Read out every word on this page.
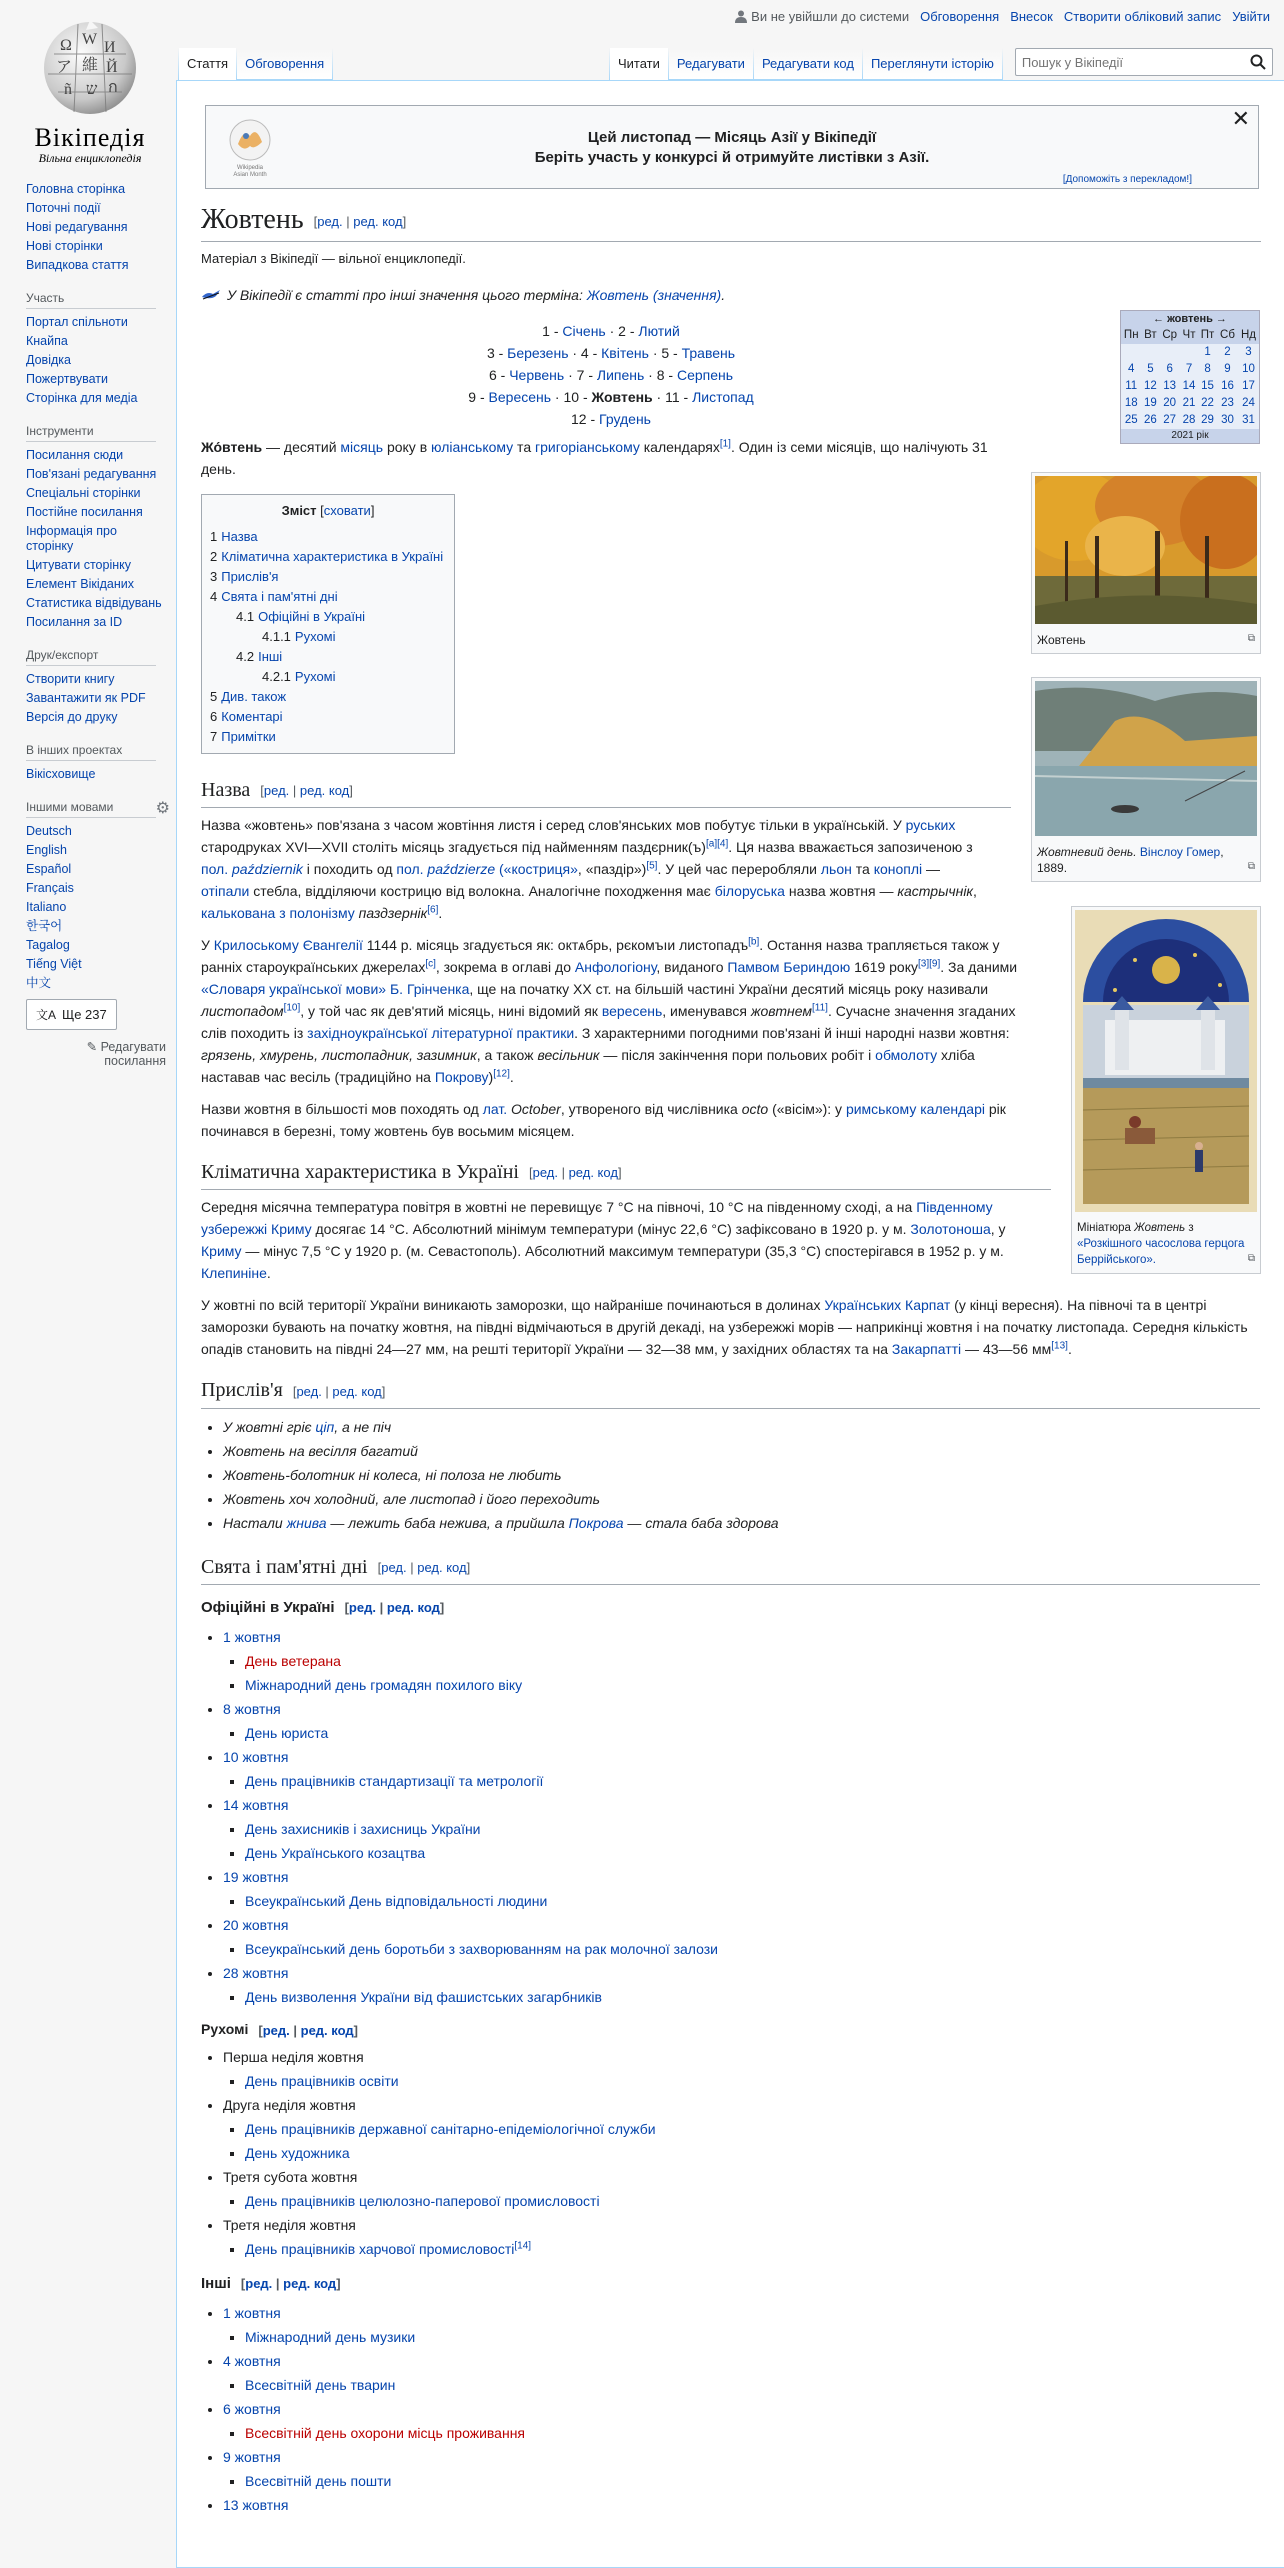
Ви не увійшли до системи Обговорення Внесок Створити обліковий запис Увійти
Ω W И
ア 維 Й
ñ ש ก
Вікіпедія
Вільна енциклопедія
Головна сторінка
Поточні події
Нові редагування
Нові сторінки
Випадкова стаття
Участь
Портал спільноти
Кнайпа
Довідка
Пожертвувати
Сторінка для медіа
Інструменти
Посилання сюди
Пов'язані редагування
Спеціальні сторінки
Постійне посилання
Інформація про сторінку
Цитувати сторінку
Елемент Вікіданих
Статистика відвідувань
Посилання за ID
Друк/експорт
Створити книгу
Завантажити як PDF
Версія до друку
В інших проектах
Вікісховище
Іншими мовами	⚙
Deutsch
English
Español
Français
Italiano
한국어
Tagalog
Tiếng Việt
中文
文A Ще 237
✎ Редагувати посилання
Стаття	Обговорення	Читати	Редагувати	Редагувати код	Переглянути історію
Пошук у Вікіпедії
Wikipedia
Asian Month
Цей листопад — Місяць Азії у Вікіпедії
Беріть участь у конкурсі й отримуйте листівки з Азії.
✕
[Допоможіть з перекладом!]
Жовтень [ред. | ред. код]
Матеріал з Вікіпедії — вільної енциклопедії.
У Вікіпедії є статті про інші значення цього терміна: Жовтень (значення).
1 - Січень · 2 - Лютий
3 - Березень · 4 - Квітень · 5 - Травень
6 - Червень · 7 - Липень · 8 - Серпень
9 - Вересень · 10 - Жовтень · 11 - Листопад
12 - Грудень

Жо́втень — десятий місяць року в юліанському та григоріанському календарях[1]. Один із семи місяців, що налічують 31 день.

Зміст [сховати]
1 Назва
2 Кліматична характеристика в Україні
3 Прислів'я
4 Свята і пам'ятні дні
4.1 Офіційні в Україні
4.1.1 Рухомі
4.2 Інші
4.2.1 Рухомі
5 Див. також
6 Коментарі
7 Примітки
Назва [ред. | ред. код]

Назва «жовтень» пов'язана з часом жовтіння листя і серед слов'янських мов побутує тільки в українській. У руських стародруках XVI—XVII століть місяць згадується під найменням паздєрник(ъ)[a][4]. Ця назва вважається запозиченою з пол. październik і походить од пол. paździerze («костриця», «паздір»)[5]. У цей час переробляли льон та коноплі — отіпали стебла, відділяючи кострицю від волокна. Аналогічне походження має білоруська назва жовтня — кастрычнік, калькована з полонізму паздзернік[6].

У Крилоському Євангелії 1144 р. місяць згадується як: октѧбрь, рєкомъıи листопадъ[b]. Остання назва трапляється також у ранніх староукраїнських джерелах[c], зокрема в оглаві до Анфологіону, виданого Памвом Бериндою 1619 року[3][9]. За даними «Словаря української мови» Б. Грінченка, ще на початку XX ст. на більшій частині України десятий місяць року називали листопадом[10], у той час як дев'ятий місяць, нині відомий як вересень, именувався жовтнем[11]. Сучасне значення згаданих слів походить із західноукраїнської літературної практики. З характерними погодними пов'язані й інші народні назви жовтня: грязень, хмурень, листопадник, зазимник, а також весільник — після закінчення пори польових робіт і обмолоту хліба наставав час весіль (традиційно на Покрову)[12].

Назви жовтня в більшості мов походять од лат. October, утвореного від числівника octo («вісім»): у римському календарі рік починався в березні, тому жовтень був восьмим місяцем.

Кліматична характеристика в Україні [ред. | ред. код]

Середня місячна температура повітря в жовтні не перевищує 7 °C на півночі, 10 °C на південному сході, а на Південному узбережжі Криму досягає 14 °C. Абсолютний мінімум температури (мінус 22,6 °C) зафіксовано в 1920 р. у м. Золотоноша, у Криму — мінус 7,5 °C у 1920 р. (м. Севастополь). Абсолютний максимум температури (35,3 °C) спостерігався в 1952 р. у м. Клепиніне.

У жовтні по всій території України виникають заморозки, що найраніше починаються в долинах Українських Карпат (у кінці вересня). На півночі та в центрі заморозки бувають на початку жовтня, на півдні відмічаються в другій декаді, на узбережжі морів — наприкінці жовтня і на початку листопада. Середня кількість опадів становить на півдні 24—27 мм, на решті території України — 32—38 мм, у західних областях та на Закарпатті — 43—56 мм[13].

Прислів'я [ред. | ред. код]
• У жовтні гріє ціп, а не піч
• Жовтень на весілля багатий
• Жовтень-болотник ні колеса, ні полоза не любить
• Жовтень хоч холодний, але листопад і його переходить
• Настали жнива — лежить баба нежива, а прийшла Покрова — стала баба здорова
Свята і пам'ятні дні [ред. | ред. код]
Офіційні в Україні [ред. | ред. код]
• 1 жовтня
▪ День ветерана
▪ Міжнародний день громадян похилого віку
• 8 жовтня
▪ День юриста
• 10 жовтня
▪ День працівників стандартизації та метрології
• 14 жовтня
▪ День захисників і захисниць України
▪ День Українського козацтва
• 19 жовтня
▪ Всеукраїнський День відповідальності людини
• 20 жовтня
▪ Всеукраїнський день боротьби з захворюванням на рак молочної залози
• 28 жовтня
▪ День визволення України від фашистських загарбників
Рухомі [ред. | ред. код]
• Перша неділя жовтня
▪ День працівників освіти
• Друга неділя жовтня
▪ День працівників державної санітарно-епідеміологічної служби
▪ День художника
• Третя субота жовтня
▪ День працівників целюлозно-паперової промисловості
• Третя неділя жовтня
▪ День працівників харчової промисловості[14]
Інші [ред. | ред. код]
• 1 жовтня
▪ Міжнародний день музики
• 4 жовтня
▪ Всесвітній день тварин
• 6 жовтня
▪ Всесвітній день охорони місць проживання
• 9 жовтня
▪ Всесвітній день пошти
• 13 жовтня
← жовтень →
Пн	Вт	Ср	Чт	Пт	Сб	Нд
				1	2	3
4	5	6	7	8	9	10
11	12	13	14	15	16	17
18	19	20	21	22	23	24
25	26	27	28	29	30	31
2021 рік
Жовтень	⧉
Жовтневий день. Вінслоу Гомер, 1889.	⧉
Мініатюра Жовтень з «Розкішного часослова герцога Беррійського».	⧉
